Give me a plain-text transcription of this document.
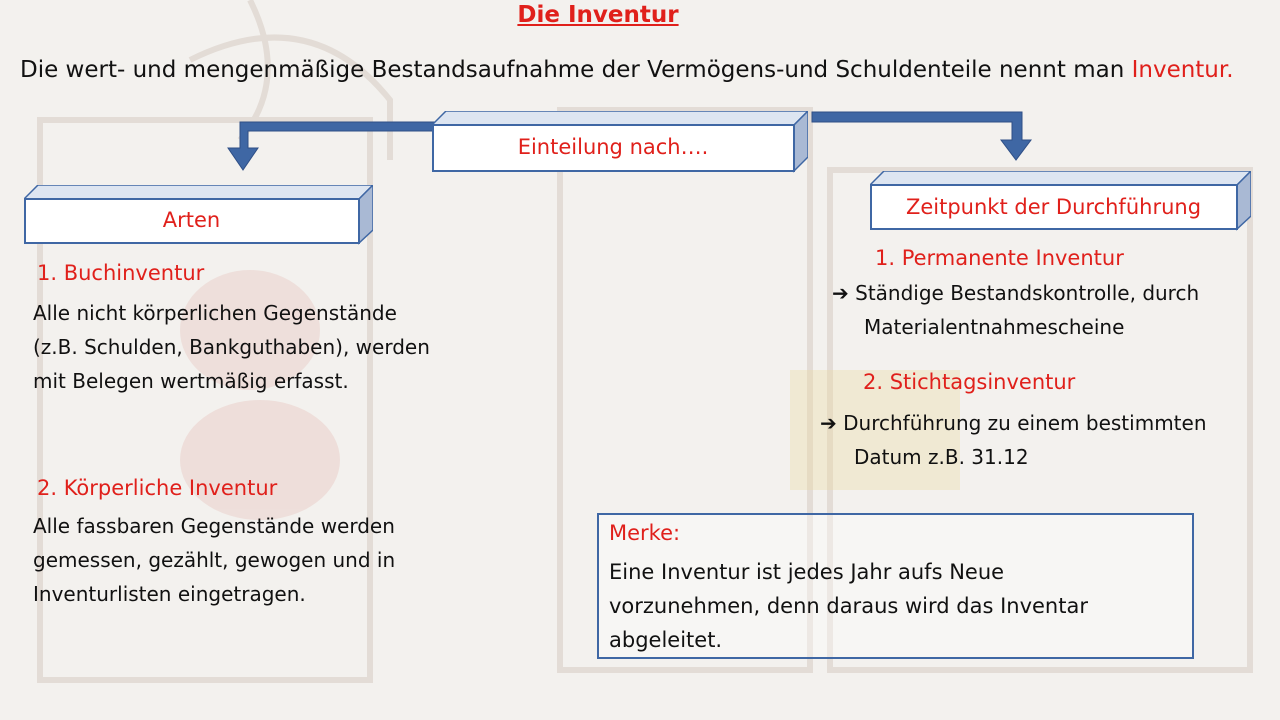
Die Inventur
Die wert- und mengenmäßige Bestandsaufnahme der Vermögens-und Schuldenteile nennt man Inventur.
Einteilung nach….
Arten
Zeitpunkt der Durchführung
1. Buchinventur
Alle nicht körperlichen Gegenstände
(z.B. Schulden, Bankguthaben), werden
mit Belegen wertmäßig erfasst.
2. Körperliche Inventur
Alle fassbaren Gegenstände werden
gemessen, gezählt, gewogen und in
Inventurlisten eingetragen.
1. Permanente Inventur
➔ Ständige Bestandskontrolle, durch
Materialentnahmescheine
2. Stichtagsinventur
➔ Durchführung zu einem bestimmten
Datum z.B. 31.12
Merke:
Eine Inventur ist jedes Jahr aufs Neue
vorzunehmen, denn daraus wird das Inventar
abgeleitet.
